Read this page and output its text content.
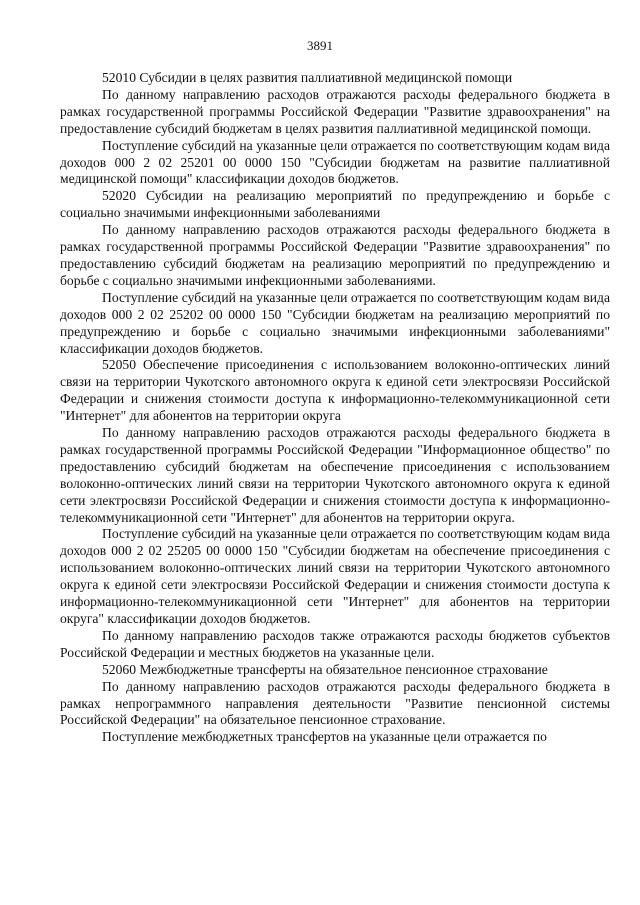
3891

52010 Субсидии в целях развития паллиативной медицинской помощи

По данному направлению расходов отражаются расходы федерального бюджета в рамках государственной программы Российской Федерации "Развитие здравоохранения" на предоставление субсидий бюджетам в целях развития паллиативной медицинской помощи.

Поступление субсидий на указанные цели отражается по соответствующим кодам вида доходов 000 2 02 25201 00 0000 150 "Субсидии бюджетам на развитие паллиативной медицинской помощи" классификации доходов бюджетов.

52020 Субсидии на реализацию мероприятий по предупреждению и борьбе с социально значимыми инфекционными заболеваниями

По данному направлению расходов отражаются расходы федерального бюджета в рамках государственной программы Российской Федерации "Развитие здравоохранения" по предоставлению субсидий бюджетам на реализацию мероприятий по предупреждению и борьбе с социально значимыми инфекционными заболеваниями.

Поступление субсидий на указанные цели отражается по соответствующим кодам вида доходов 000 2 02 25202 00 0000 150 "Субсидии бюджетам на реализацию мероприятий по предупреждению и борьбе с социально значимыми инфекционными заболеваниями" классификации доходов бюджетов.

52050 Обеспечение присоединения с использованием волоконно-оптических линий связи на территории Чукотского автономного округа к единой сети электросвязи Российской Федерации и снижения стоимости доступа к информационно-телекоммуникационной сети "Интернет" для абонентов на территории округа

По данному направлению расходов отражаются расходы федерального бюджета в рамках государственной программы Российской Федерации "Информационное общество" по предоставлению субсидий бюджетам на обеспечение присоединения с использованием волоконно-оптических линий связи на территории Чукотского автономного округа к единой сети электросвязи Российской Федерации и снижения стоимости доступа к информационно-телекоммуникационной сети "Интернет" для абонентов на территории округа.

Поступление субсидий на указанные цели отражается по соответствующим кодам вида доходов 000 2 02 25205 00 0000 150 "Субсидии бюджетам на обеспечение присоединения с использованием волоконно-оптических линий связи на территории Чукотского автономного округа к единой сети электросвязи Российской Федерации и снижения стоимости доступа к информационно-телекоммуникационной сети "Интернет" для абонентов на территории округа" классификации доходов бюджетов.

По данному направлению расходов также отражаются расходы бюджетов субъектов Российской Федерации и местных бюджетов на указанные цели.

52060 Межбюджетные трансферты на обязательное пенсионное страхование

По данному направлению расходов отражаются расходы федерального бюджета в рамках непрограммного направления деятельности "Развитие пенсионной системы Российской Федерации" на обязательное пенсионное страхование.

Поступление межбюджетных трансфертов на указанные цели отражается по
